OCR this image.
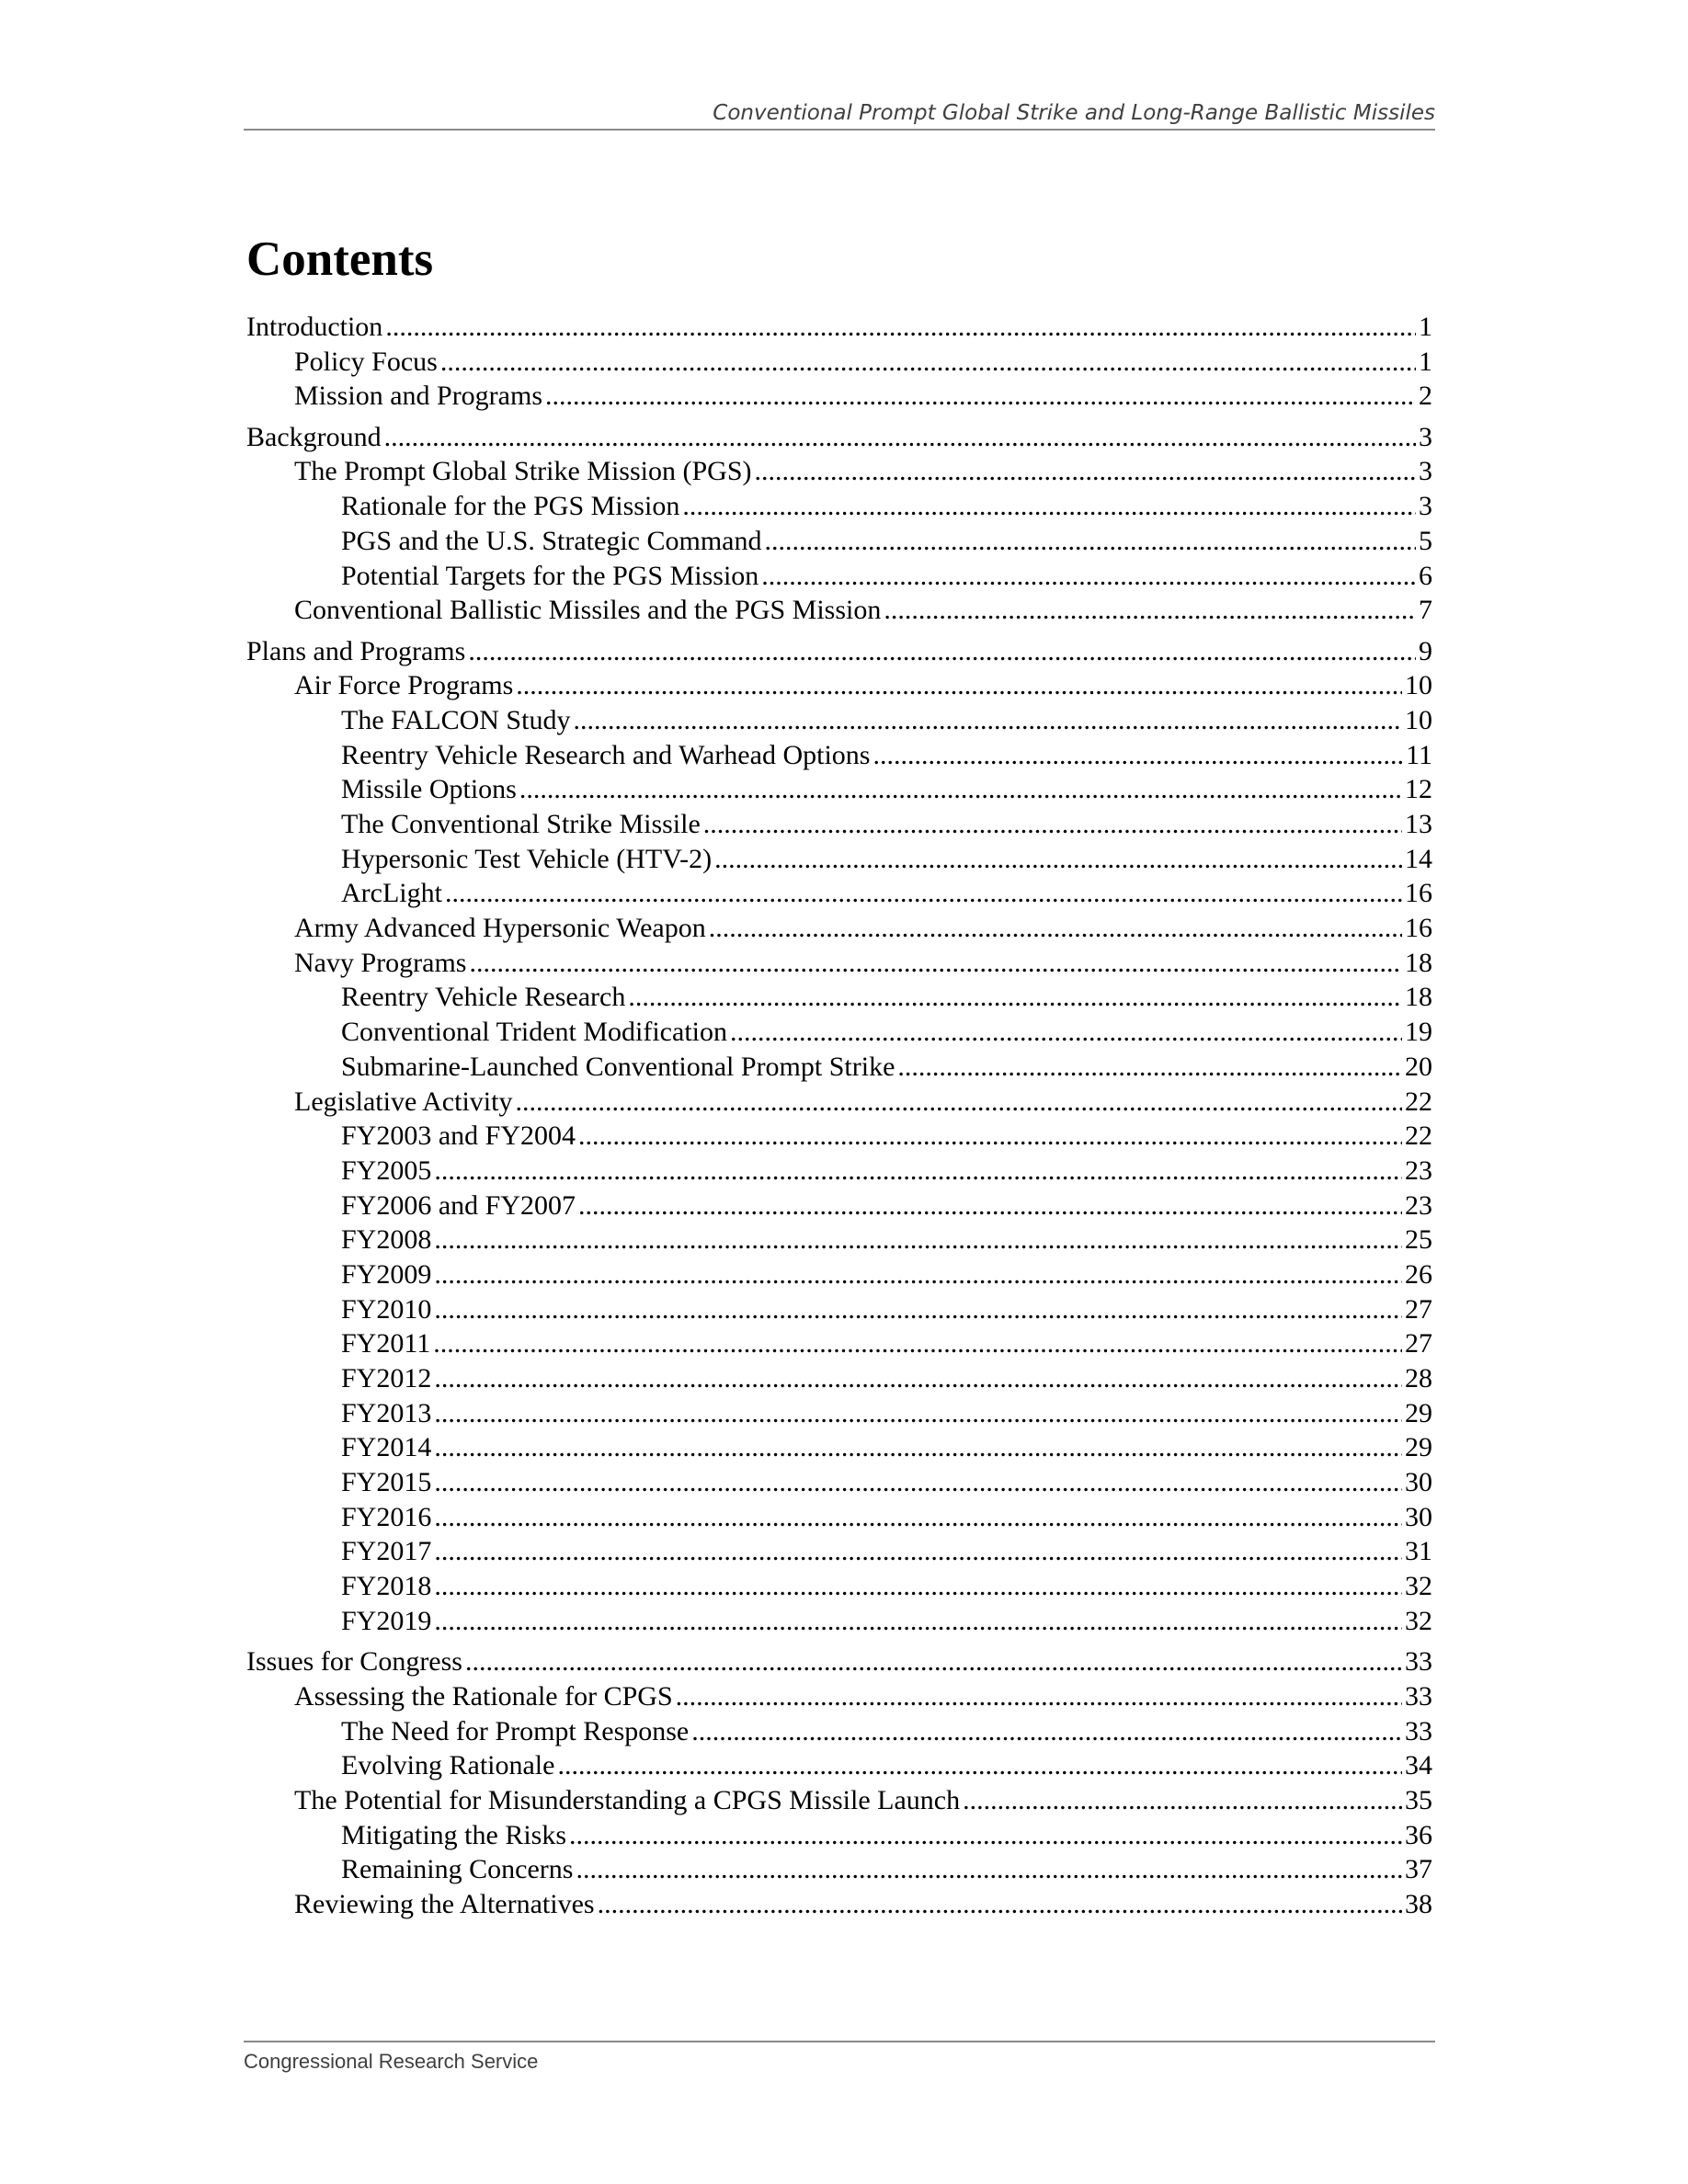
Conventional Prompt Global Strike and Long-Range Ballistic Missiles
Contents
Introduction .....	1
Policy Focus .....	1
Mission and Programs .....	2
Background .....	3
The Prompt Global Strike Mission (PGS) .....	3
Rationale for the PGS Mission .....	3
PGS and the U.S. Strategic Command .....	5
Potential Targets for the PGS Mission .....	6
Conventional Ballistic Missiles and the PGS Mission .....	7
Plans and Programs .....	9
Air Force Programs .....	10
The FALCON Study .....	10
Reentry Vehicle Research and Warhead Options .....	11
Missile Options .....	12
The Conventional Strike Missile .....	13
Hypersonic Test Vehicle (HTV-2) .....	14
ArcLight .....	16
Army Advanced Hypersonic Weapon .....	16
Navy Programs .....	18
Reentry Vehicle Research .....	18
Conventional Trident Modification .....	19
Submarine-Launched Conventional Prompt Strike .....	20
Legislative Activity .....	22
FY2003 and FY2004 .....	22
FY2005 .....	23
FY2006 and FY2007 .....	23
FY2008 .....	25
FY2009 .....	26
FY2010 .....	27
FY2011 .....	27
FY2012 .....	28
FY2013 .....	29
FY2014 .....	29
FY2015 .....	30
FY2016 .....	30
FY2017 .....	31
FY2018 .....	32
FY2019 .....	32
Issues for Congress .....	33
Assessing the Rationale for CPGS .....	33
The Need for Prompt Response .....	33
Evolving Rationale .....	34
The Potential for Misunderstanding a CPGS Missile Launch .....	35
Mitigating the Risks .....	36
Remaining Concerns .....	37
Reviewing the Alternatives .....	38
Congressional Research Service
